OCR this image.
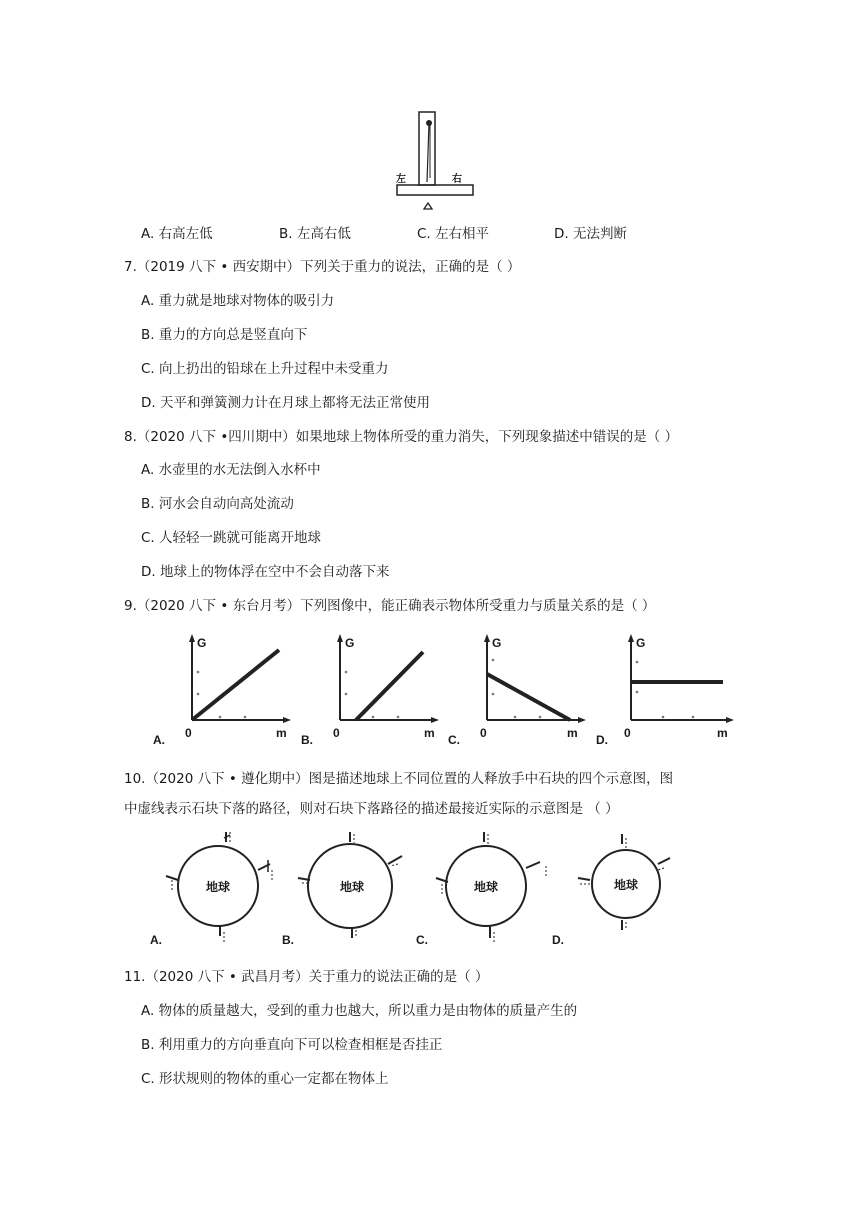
左	右
A. 右高左低	B. 左高右低	C. 左右相平	D. 无法判断
7.（2019 八下 • 西安期中）下列关于重力的说法，正确的是（ ）
A. 重力就是地球对物体的吸引力
B. 重力的方向总是竖直向下
C. 向上扔出的铅球在上升过程中未受重力
D. 天平和弹簧测力计在月球上都将无法正常使用
8.（2020 八下 •四川期中）如果地球上物体所受的重力消失，下列现象描述中错误的是（ ）
A. 水壶里的水无法倒入水杯中
B. 河水会自动向高处流动
C. 人轻轻一跳就可能离开地球
D. 地球上的物体浮在空中不会自动落下来
9.（2020 八下 • 东台月考）下列图像中，能正确表示物体所受重力与质量关系的是（ ）
A.
G
0	m B.
G
0	m C.
G
0	m D.
G
0	m
10.（2020 八下 • 遵化期中）图是描述地球上不同位置的人释放手中石块的四个示意图，图
中虚线表示石块下落的路径，则对石块下落路径的描述最接近实际的示意图是 （ ）
地球
A.
地球
B.
地球
C.
地球
D.
11.（2020 八下 • 武昌月考）关于重力的说法正确的是（ ）
A. 物体的质量越大，受到的重力也越大，所以重力是由物体的质量产生的
B. 利用重力的方向垂直向下可以检查相框是否挂正
C. 形状规则的物体的重心一定都在物体上
